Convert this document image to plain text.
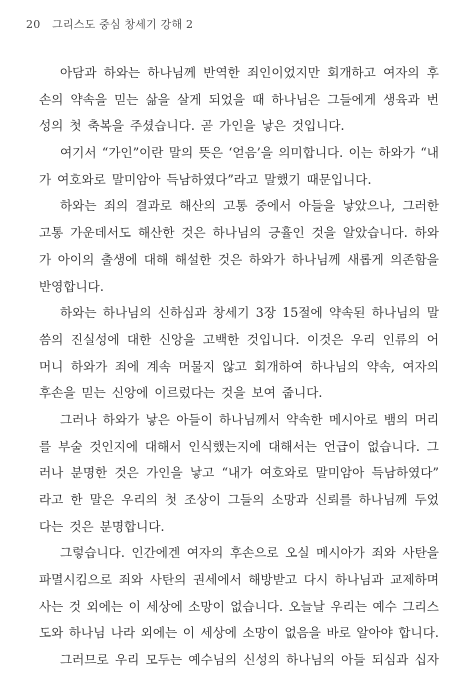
20 그리스도 중심 창세기 강해 2
아담과 하와는 하나님께 반역한 죄인이었지만 회개하고 여자의 후
손의 약속을 믿는 삶을 살게 되었을 때 하나님은 그들에게 생육과 번
성의 첫 축복을 주셨습니다. 곧 가인을 낳은 것입니다.
여기서 “가인”이란 말의 뜻은 ‘얻음’을 의미합니다. 이는 하와가 “내
가 여호와로 말미암아 득남하였다”라고 말했기 때문입니다.
하와는 죄의 결과로 해산의 고통 중에서 아들을 낳았으나, 그러한
고통 가운데서도 해산한 것은 하나님의 긍휼인 것을 알았습니다. 하와
가 아이의 출생에 대해 해설한 것은 하와가 하나님께 새롭게 의존함을
반영합니다.
하와는 하나님의 신하심과 창세기 3장 15절에 약속된 하나님의 말
씀의 진실성에 대한 신앙을 고백한 것입니다. 이것은 우리 인류의 어
머니 하와가 죄에 계속 머물지 않고 회개하여 하나님의 약속, 여자의
후손을 믿는 신앙에 이르렀다는 것을 보여 줍니다.
그러나 하와가 낳은 아들이 하나님께서 약속한 메시아로 뱀의 머리
를 부술 것인지에 대해서 인식했는지에 대해서는 언급이 없습니다. 그
러나 분명한 것은 가인을 낳고 “내가 여호와로 말미암아 득남하였다”
라고 한 말은 우리의 첫 조상이 그들의 소망과 신뢰를 하나님께 두었
다는 것은 분명합니다.
그렇습니다. 인간에겐 여자의 후손으로 오실 메시아가 죄와 사탄을
파멸시킴으로 죄와 사탄의 권세에서 해방받고 다시 하나님과 교제하며
사는 것 외에는 이 세상에 소망이 없습니다. 오늘날 우리는 예수 그리스
도와 하나님 나라 외에는 이 세상에 소망이 없음을 바로 알아야 합니다.
그러므로 우리 모두는 예수님의 신성의 하나님의 아들 되심과 십자
